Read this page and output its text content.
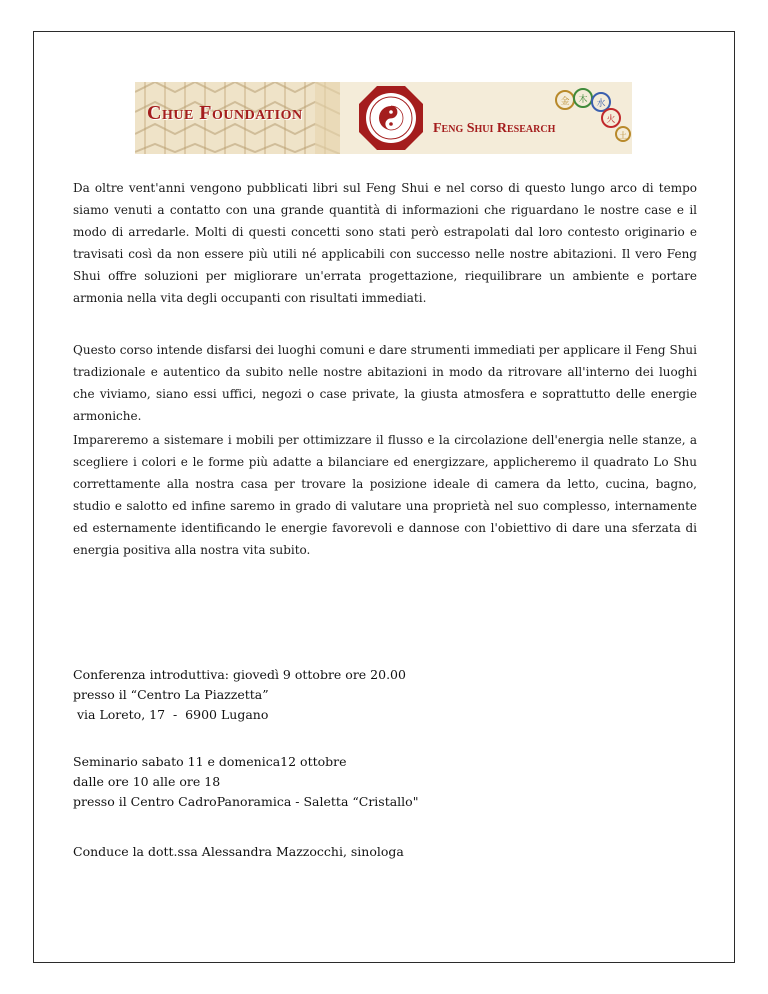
Chue Foundation
Feng Shui Research
金 木 水
火
土

Da oltre vent'anni vengono pubblicati libri sul Feng Shui e nel corso di questo lungo arco di tempo siamo venuti a contatto con una grande quantità di informazioni che riguardano le nostre case e il modo di arredarle. Molti di questi concetti sono stati però estrapolati dal loro contesto originario e travisati così da non essere più utili né applicabili con successo nelle nostre abitazioni. Il vero Feng Shui offre soluzioni per migliorare un'errata progettazione, riequilibrare un ambiente e portare armonia nella vita degli occupanti con risultati immediati.

Questo corso intende disfarsi dei luoghi comuni e dare strumenti immediati per applicare il Feng Shui tradizionale e autentico da subito nelle nostre abitazioni in modo da ritrovare all'interno dei luoghi che viviamo, siano essi uffici, negozi o case private, la giusta atmosfera e soprattutto delle energie armoniche.

Impareremo a sistemare i mobili per ottimizzare il flusso e la circolazione dell'energia nelle stanze, a scegliere i colori e le forme più adatte a bilanciare ed energizzare, applicheremo il quadrato Lo Shu correttamente alla nostra casa per trovare la posizione ideale di camera da letto, cucina, bagno, studio e salotto ed infine saremo in grado di valutare una proprietà nel suo complesso, internamente ed esternamente identificando le energie favorevoli e dannose con l'obiettivo di dare una sferzata di energia positiva alla nostra vita subito.

Conferenza introduttiva: giovedì 9 ottobre ore 20.00
presso il “Centro La Piazzetta”
via Loreto, 17  -  6900 Lugano
Seminario sabato 11 e domenica12 ottobre
dalle ore 10 alle ore 18
presso il Centro CadroPanoramica - Saletta “Cristallo"
Conduce la dott.ssa Alessandra Mazzocchi, sinologa
